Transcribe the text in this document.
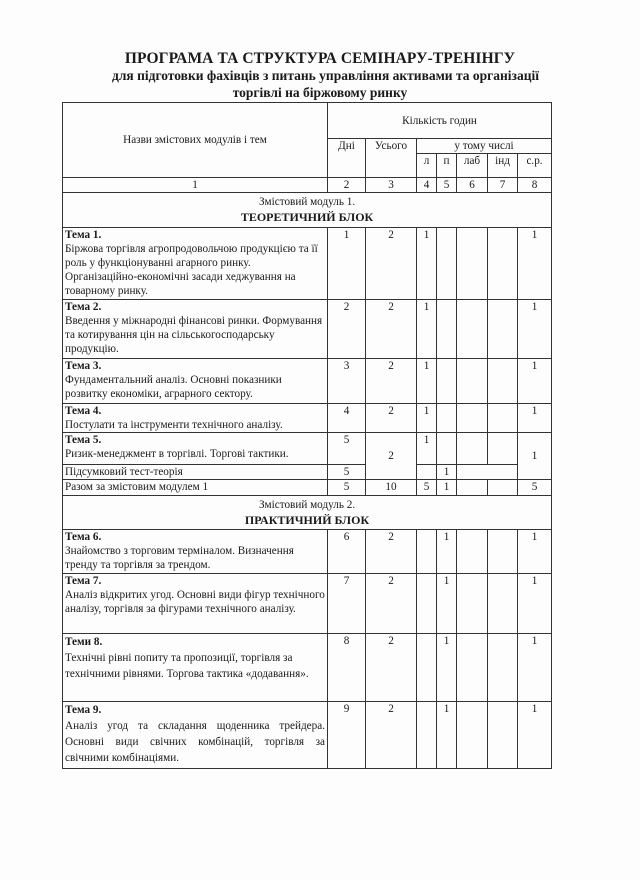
ПРОГРАМА ТА СТРУКТУРА СЕМІНАРУ-ТРЕНІНГУ
для підготовки фахівців з питань управління активами та організації
торгівлі на біржовому ринку
Назви змістових модулів і тем	Кількість годин						
	Дні	Усього	у тому числі				
			л	п	лаб	інд	с.р.
1	2	3	4	5	6	7	8

Змістовий модуль 1.
ТЕОРЕТИЧНИЙ БЛОК							

Тема 1.
Біржова торгівля агропродовольчою продукцією та її роль у функціонуванні агарного ринку. Організаційно-економічні засади хеджування на товарному ринку.	1	2	1				1

Тема 2.
Введення у міжнародні фінансові ринки. Формування та котирування цін на сільськогосподарську продукцію.	2	2	1				1

Тема 3.
Фундаментальний аналіз. Основні показники розвитку економіки, аграрного сектору.	3	2	1				1

Тема 4.
Постулати та інструменти технічного аналізу.	4	2	1				1

Тема 5.
Ризик-менеджмент в торгівлі. Торгові тактики.	5	2	1				1
Підсумковий тест-теорія	5			1			
Разом за змістовим модулем 1	5	10	5	1			5

Змістовий модуль 2.
ПРАКТИЧНИЙ БЛОК							

Тема 6.
Знайомство з торговим терміналом. Визначення тренду та торгівля за трендом.	6	2		1			1

Тема 7.
Аналіз відкритих угод. Основні види фігур технічного аналізу, торгівля за фігурами технічного аналізу.	7	2		1			1

Теми 8.
Технічні рівні попиту та пропозиції, торгівля за технічними рівнями. Торгова тактика «додавання».	8	2		1			1

Тема 9.
Аналіз угод та складання щоденника трейдера. Основні види свічних комбінацій, торгівля за свічними комбінаціями.	9	2		1			1
